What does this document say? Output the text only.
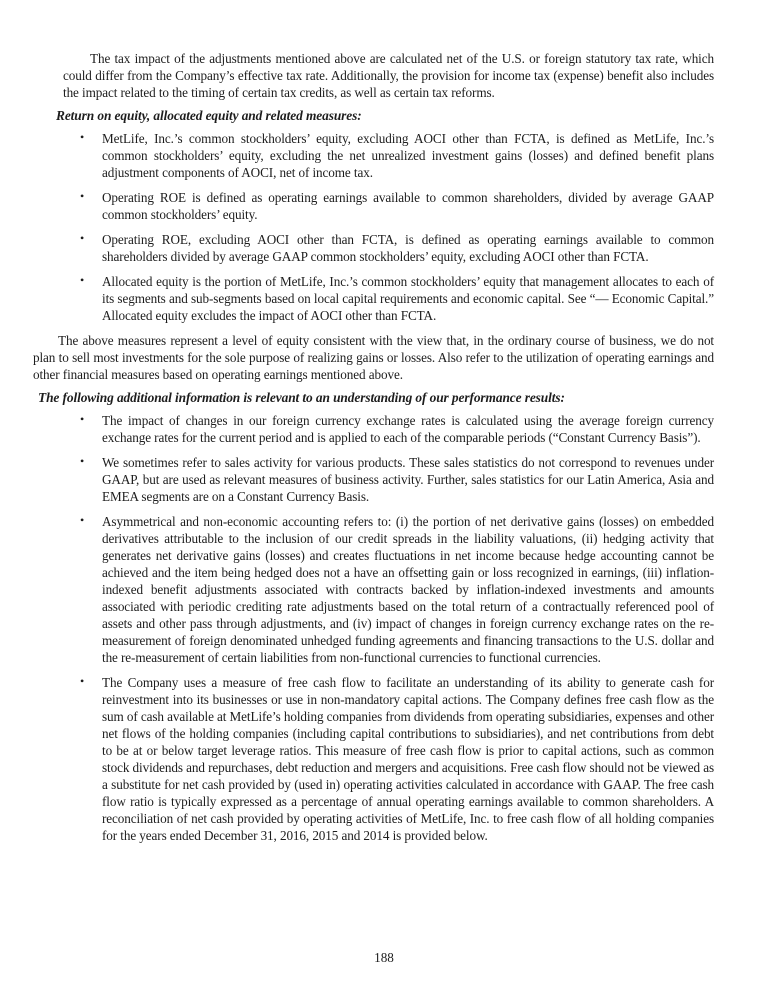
The tax impact of the adjustments mentioned above are calculated net of the U.S. or foreign statutory tax rate, which could differ from the Company’s effective tax rate. Additionally, the provision for income tax (expense) benefit also includes the impact related to the timing of certain tax credits, as well as certain tax reforms.

Return on equity, allocated equity and related measures:
• MetLife, Inc.’s common stockholders’ equity, excluding AOCI other than FCTA, is defined as MetLife, Inc.’s common stockholders’ equity, excluding the net unrealized investment gains (losses) and defined benefit plans adjustment components of AOCI, net of income tax.
• Operating ROE is defined as operating earnings available to common shareholders, divided by average GAAP common stockholders’ equity.
• Operating ROE, excluding AOCI other than FCTA, is defined as operating earnings available to common shareholders divided by average GAAP common stockholders’ equity, excluding AOCI other than FCTA.
• Allocated equity is the portion of MetLife, Inc.’s common stockholders’ equity that management allocates to each of its segments and sub-segments based on local capital requirements and economic capital. See “— Economic Capital.” Allocated equity excludes the impact of AOCI other than FCTA.

The above measures represent a level of equity consistent with the view that, in the ordinary course of business, we do not plan to sell most investments for the sole purpose of realizing gains or losses. Also refer to the utilization of operating earnings and other financial measures based on operating earnings mentioned above.

The following additional information is relevant to an understanding of our performance results:
• The impact of changes in our foreign currency exchange rates is calculated using the average foreign currency exchange rates for the current period and is applied to each of the comparable periods (“Constant Currency Basis”).
• We sometimes refer to sales activity for various products. These sales statistics do not correspond to revenues under GAAP, but are used as relevant measures of business activity. Further, sales statistics for our Latin America, Asia and EMEA segments are on a Constant Currency Basis.
• Asymmetrical and non-economic accounting refers to: (i) the portion of net derivative gains (losses) on embedded derivatives attributable to the inclusion of our credit spreads in the liability valuations, (ii) hedging activity that generates net derivative gains (losses) and creates fluctuations in net income because hedge accounting cannot be achieved and the item being hedged does not a have an offsetting gain or loss recognized in earnings, (iii) inflation-indexed benefit adjustments associated with contracts backed by inflation-indexed investments and amounts associated with periodic crediting rate adjustments based on the total return of a contractually referenced pool of assets and other pass through adjustments, and (iv) impact of changes in foreign currency exchange rates on the re-measurement of foreign denominated unhedged funding agreements and financing transactions to the U.S. dollar and the re-measurement of certain liabilities from non-functional currencies to functional currencies.
• The Company uses a measure of free cash flow to facilitate an understanding of its ability to generate cash for reinvestment into its businesses or use in non-mandatory capital actions. The Company defines free cash flow as the sum of cash available at MetLife’s holding companies from dividends from operating subsidiaries, expenses and other net flows of the holding companies (including capital contributions to subsidiaries), and net contributions from debt to be at or below target leverage ratios. This measure of free cash flow is prior to capital actions, such as common stock dividends and repurchases, debt reduction and mergers and acquisitions. Free cash flow should not be viewed as a substitute for net cash provided by (used in) operating activities calculated in accordance with GAAP. The free cash flow ratio is typically expressed as a percentage of annual operating earnings available to common shareholders. A reconciliation of net cash provided by operating activities of MetLife, Inc. to free cash flow of all holding companies for the years ended December 31, 2016, 2015 and 2014 is provided below.
188
